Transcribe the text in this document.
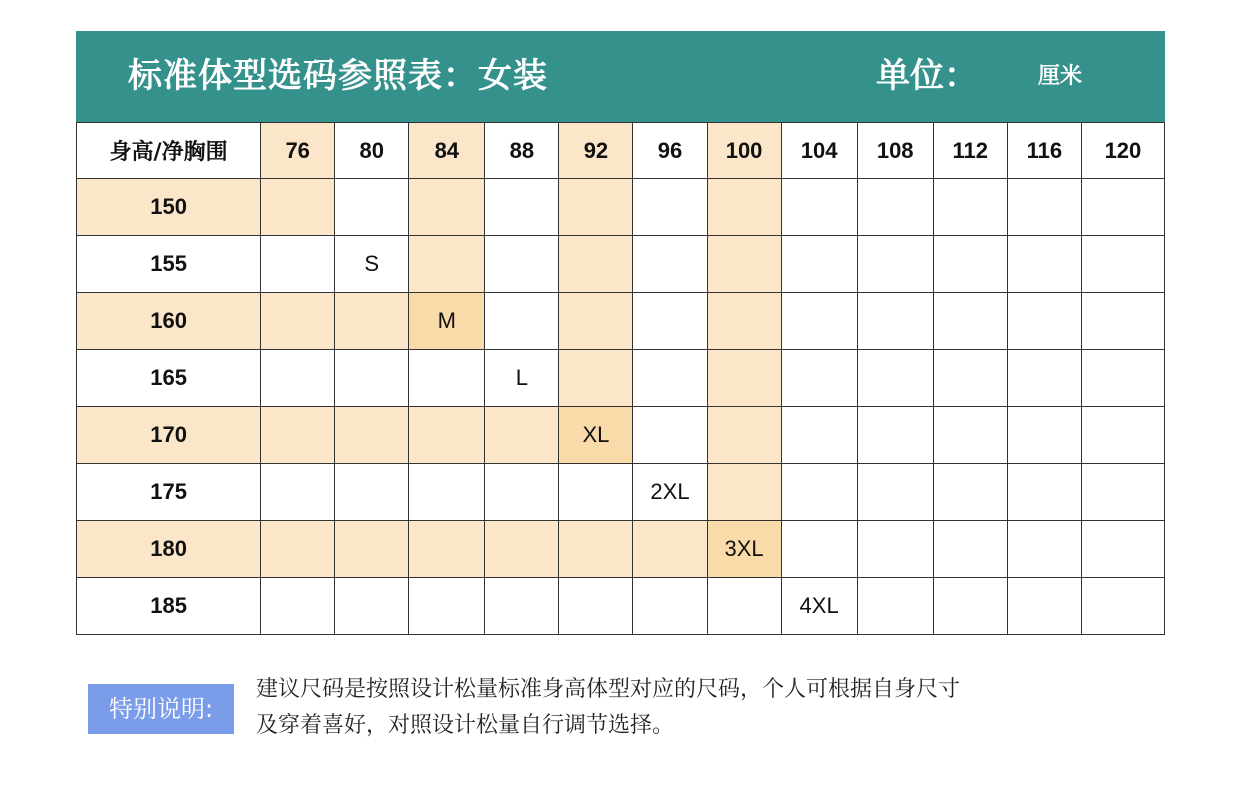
标准体型选码参照表：女装	单位：	厘米
身高/净胸围	76	80	84	88	92	96	100	104	108	112	116	120
150												
155		S										
160			M									
165				L								
170					XL							
175						2XL						
180							3XL					
185								4XL				
特别说明:
建议尺码是按照设计松量标准身高体型对应的尺码，个人可根据自身尺寸
及穿着喜好，对照设计松量自行调节选择。
